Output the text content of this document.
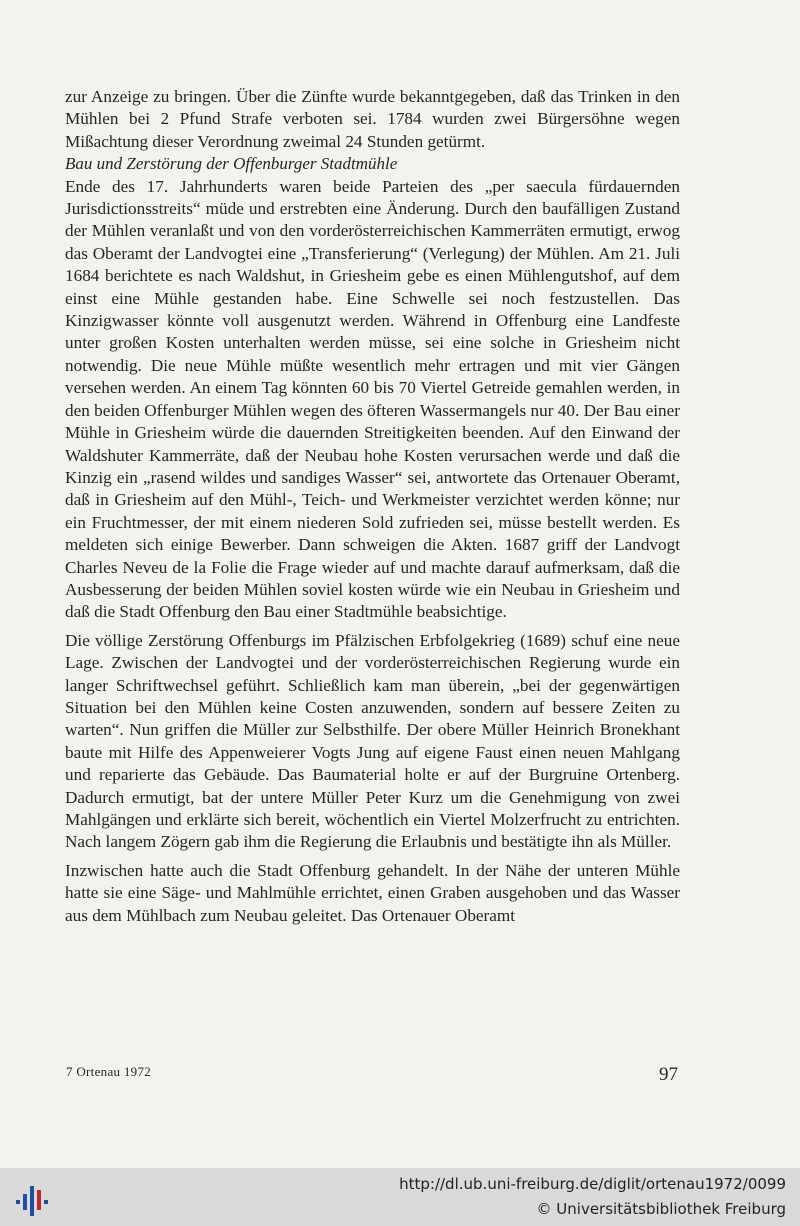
zur Anzeige zu bringen. Über die Zünfte wurde bekanntgegeben, daß das Trinken in den Mühlen bei 2 Pfund Strafe verboten sei. 1784 wurden zwei Bürgersöhne wegen Mißachtung dieser Verordnung zweimal 24 Stunden getürmt.

Bau und Zerstörung der Offenburger Stadtmühle

Ende des 17. Jahrhunderts waren beide Parteien des „per saecula fürdauernden Jurisdictionsstreits“ müde und erstrebten eine Änderung. Durch den baufälligen Zustand der Mühlen veranlaßt und von den vorderösterreichischen Kammerräten ermutigt, erwog das Oberamt der Landvogtei eine „Transferierung“ (Verlegung) der Mühlen. Am 21. Juli 1684 berichtete es nach Waldshut, in Griesheim gebe es einen Mühlengutshof, auf dem einst eine Mühle gestanden habe. Eine Schwelle sei noch festzustellen. Das Kinzigwasser könnte voll ausgenutzt werden. Während in Offenburg eine Landfeste unter großen Kosten unterhalten werden müsse, sei eine solche in Griesheim nicht notwendig. Die neue Mühle müßte wesentlich mehr ertragen und mit vier Gängen versehen werden. An einem Tag könnten 60 bis 70 Viertel Getreide gemahlen werden, in den beiden Offenburger Mühlen wegen des öfteren Wassermangels nur 40. Der Bau einer Mühle in Griesheim würde die dauernden Streitigkeiten beenden. Auf den Einwand der Waldshuter Kammerräte, daß der Neubau hohe Kosten verursachen werde und daß die Kinzig ein „rasend wildes und sandiges Wasser“ sei, antwortete das Ortenauer Oberamt, daß in Griesheim auf den Mühl-, Teich- und Werkmeister verzichtet werden könne; nur ein Fruchtmesser, der mit einem niederen Sold zufrieden sei, müsse bestellt werden. Es meldeten sich einige Bewerber. Dann schweigen die Akten. 1687 griff der Landvogt Charles Neveu de la Folie die Frage wieder auf und machte darauf aufmerksam, daß die Ausbesserung der beiden Mühlen soviel kosten würde wie ein Neubau in Griesheim und daß die Stadt Offenburg den Bau einer Stadtmühle beabsichtige.

Die völlige Zerstörung Offenburgs im Pfälzischen Erbfolgekrieg (1689) schuf eine neue Lage. Zwischen der Landvogtei und der vorderösterreichischen Regierung wurde ein langer Schriftwechsel geführt. Schließlich kam man überein, „bei der gegenwärtigen Situation bei den Mühlen keine Costen anzuwenden, sondern auf bessere Zeiten zu warten“. Nun griffen die Müller zur Selbsthilfe. Der obere Müller Heinrich Bronekhant baute mit Hilfe des Appenweierer Vogts Jung auf eigene Faust einen neuen Mahlgang und reparierte das Gebäude. Das Baumaterial holte er auf der Burgruine Ortenberg. Dadurch ermutigt, bat der untere Müller Peter Kurz um die Genehmigung von zwei Mahlgängen und erklärte sich bereit, wöchentlich ein Viertel Molzerfrucht zu entrichten. Nach langem Zögern gab ihm die Regierung die Erlaubnis und bestätigte ihn als Müller.

Inzwischen hatte auch die Stadt Offenburg gehandelt. In der Nähe der unteren Mühle hatte sie eine Säge- und Mahlmühle errichtet, einen Graben ausgehoben und das Wasser aus dem Mühlbach zum Neubau geleitet. Das Ortenauer Oberamt

7 Ortenau 1972	97
http://dl.ub.uni-freiburg.de/diglit/ortenau1972/0099
© Universitätsbibliothek Freiburg
